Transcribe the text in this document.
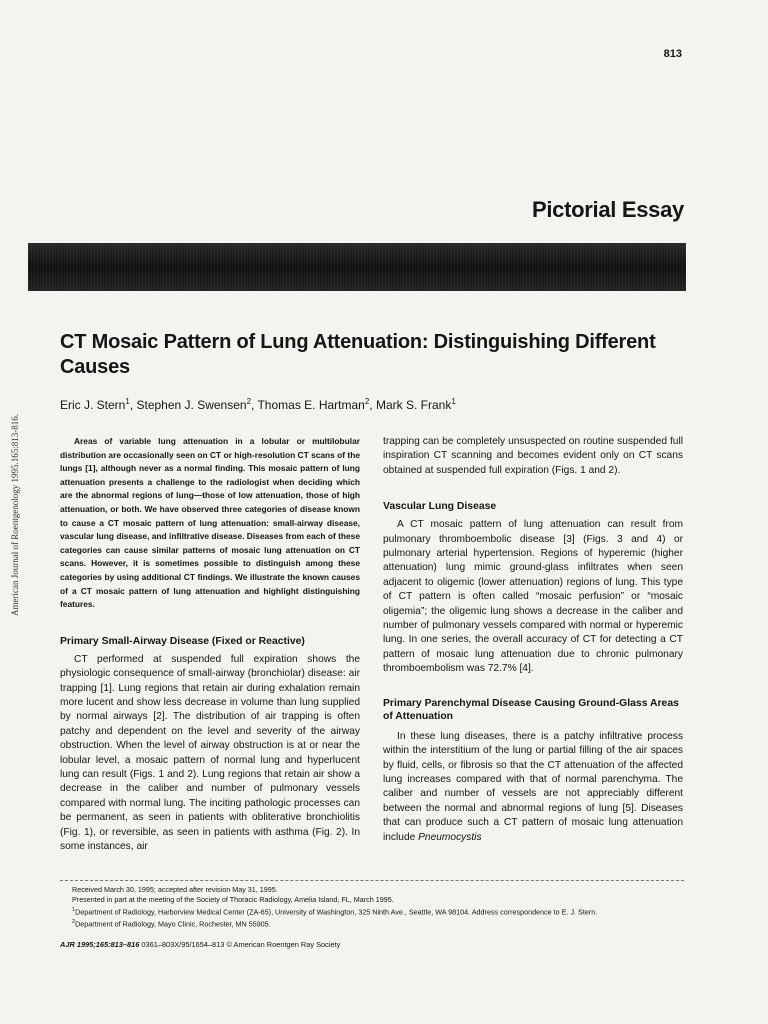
813
Pictorial Essay
American Journal of Roentgenology 1995.165:813-816.
CT Mosaic Pattern of Lung Attenuation: Distinguishing Different Causes
Eric J. Stern$^1$, Stephen J. Swensen$^2$, Thomas E. Hartman$^2$, Mark S. Frank$^1$

Areas of variable lung attenuation in a lobular or multilobular distribution are occasionally seen on CT or high-resolution CT scans of the lungs [1], although never as a normal finding. This mosaic pattern of lung attenuation presents a challenge to the radiologist when deciding which are the abnormal regions of lung—those of low attenuation, those of high attenuation, or both. We have observed three categories of disease known to cause a CT mosaic pattern of lung attenuation: small-airway disease, vascular lung disease, and infiltrative disease. Diseases from each of these categories can cause similar patterns of mosaic lung attenuation on CT scans. However, it is sometimes possible to distinguish among these categories by using additional CT findings. We illustrate the known causes of a CT mosaic pattern of lung attenuation and highlight distinguishing features.

Primary Small-Airway Disease (Fixed or Reactive)

CT performed at suspended full expiration shows the physiologic consequence of small-airway (bronchiolar) disease: air trapping [1]. Lung regions that retain air during exhalation remain more lucent and show less decrease in volume than lung supplied by normal airways [2]. The distribution of air trapping is often patchy and dependent on the level and severity of the airway obstruction. When the level of airway obstruction is at or near the lobular level, a mosaic pattern of normal lung and hyperlucent lung can result (Figs. 1 and 2). Lung regions that retain air show a decrease in the caliber and number of pulmonary vessels compared with normal lung. The inciting pathologic processes can be permanent, as seen in patients with obliterative bronchiolitis (Fig. 1), or reversible, as seen in patients with asthma (Fig. 2). In some instances, air

trapping can be completely unsuspected on routine suspended full inspiration CT scanning and becomes evident only on CT scans obtained at suspended full expiration (Figs. 1 and 2).

Vascular Lung Disease

A CT mosaic pattern of lung attenuation can result from pulmonary thromboembolic disease [3] (Figs. 3 and 4) or pulmonary arterial hypertension. Regions of hyperemic (higher attenuation) lung mimic ground-glass infiltrates when seen adjacent to oligemic (lower attenuation) regions of lung. This type of CT pattern is often called “mosaic perfusion” or “mosaic oligemia”; the oligemic lung shows a decrease in the caliber and number of pulmonary vessels compared with normal or hyperemic lung. In one series, the overall accuracy of CT for detecting a CT pattern of mosaic lung attenuation due to chronic pulmonary thromboembolism was 72.7% [4].

Primary Parenchymal Disease Causing Ground-Glass Areas of Attenuation

In these lung diseases, there is a patchy infiltrative process within the interstitium of the lung or partial filling of the air spaces by fluid, cells, or fibrosis so that the CT attenuation of the affected lung increases compared with that of normal parenchyma. The caliber and number of vessels are not appreciably different between the normal and abnormal regions of lung [5]. Diseases that can produce such a CT pattern of mosaic lung attenuation include Pneumocystis

Received March 30, 1995; accepted after revision May 31, 1995.
Presented in part at the meeting of the Society of Thoracic Radiology, Amelia Island, FL, March 1995.
$^1$Department of Radiology, Harborview Medical Center (ZA-65), University of Washington, 325 Ninth Ave., Seattle, WA 98104. Address correspondence to E. J. Stern.
$^2$Department of Radiology, Mayo Clinic, Rochester, MN 55905.
AJR 1995;165:813–816 0361–803X/95/1654–813 © American Roentgen Ray Society
